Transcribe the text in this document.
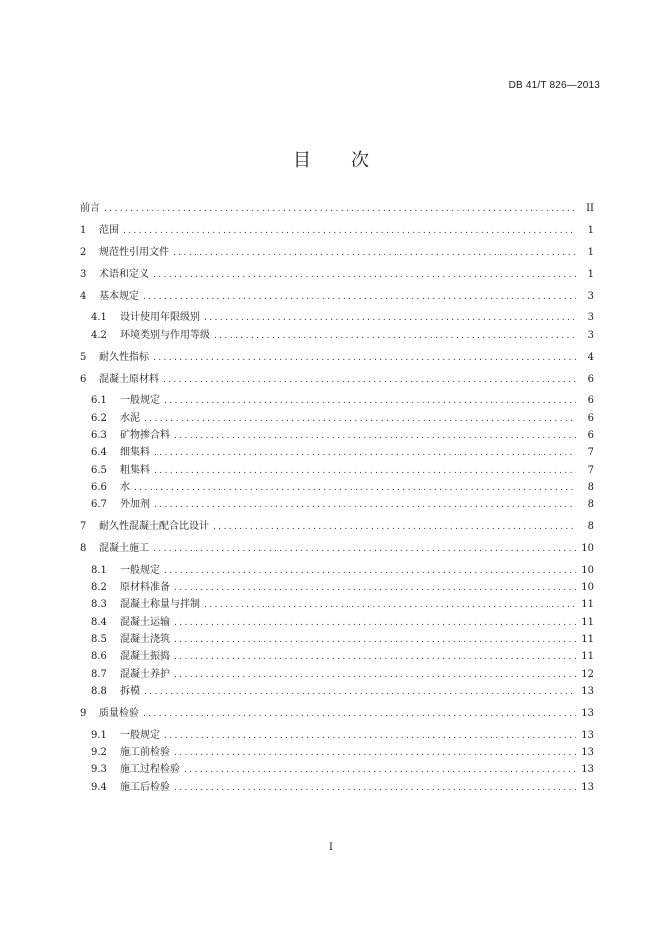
DB 41/T 826—2013
目 次
前言 .....	II
1	范围 .....	1
2	规范性引用文件 .....	1
3	术语和定义 .....	1
4	基本规定 .....	3
4.1	设计使用年限级别 .....	3
4.2	环境类别与作用等级 .....	3
5	耐久性指标 .....	4
6	混凝土原材料 .....	6
6.1	一般规定 .....	6
6.2	水泥 .....	6
6.3	矿物掺合料 .....	6
6.4	细集料 .....	7
6.5	粗集料 .....	7
6.6	水 .....	8
6.7	外加剂 .....	8
7	耐久性混凝土配合比设计 .....	8
8	混凝土施工 .....	10
8.1	一般规定 .....	10
8.2	原材料准备 .....	10
8.3	混凝土称量与拌制 .....	11
8.4	混凝土运输 .....	11
8.5	混凝土浇筑 .....	11
8.6	混凝土振捣 .....	11
8.7	混凝土养护 .....	12
8.8	拆模 .....	13
9	质量检验 .....	13
9.1	一般规定 .....	13
9.2	施工前检验 .....	13
9.3	施工过程检验 .....	13
9.4	施工后检验 .....	13
I
